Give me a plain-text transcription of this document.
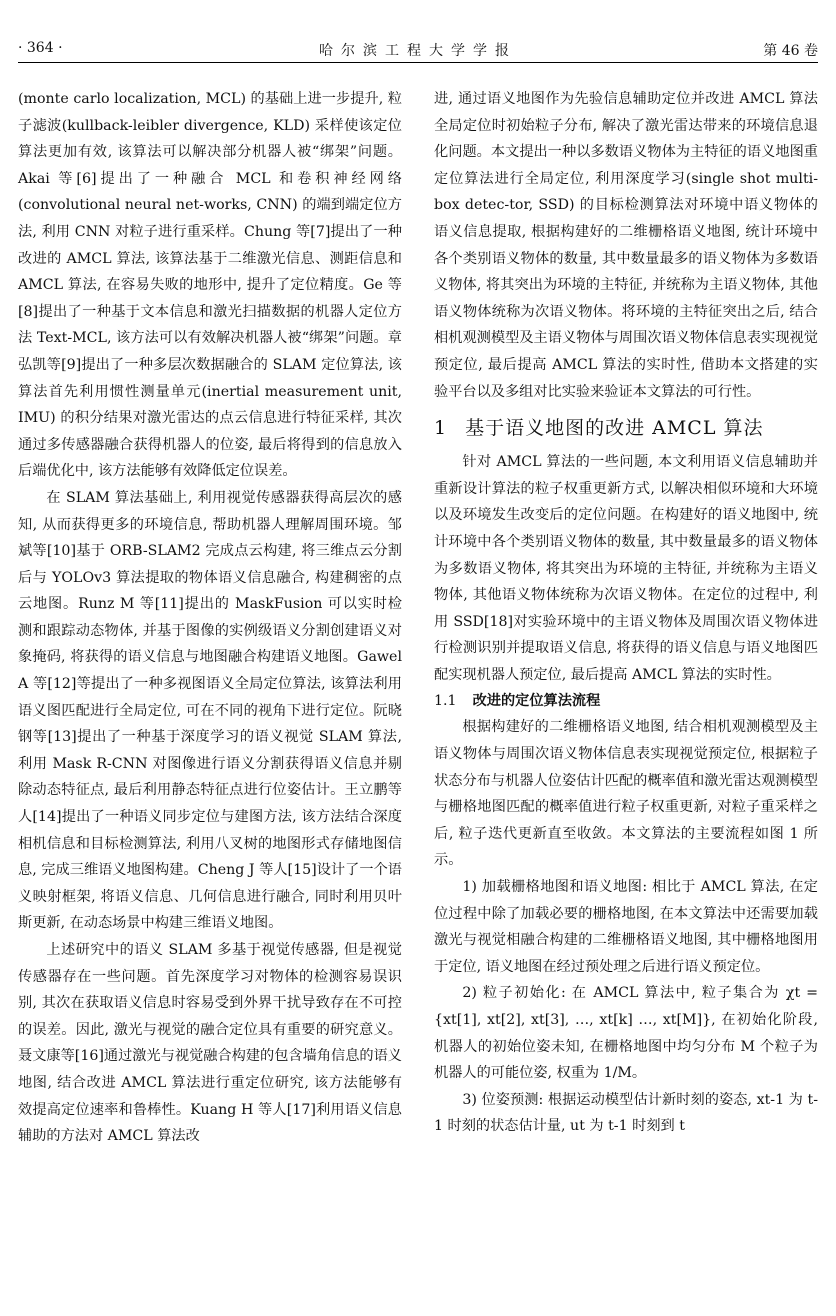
· 364 ·	哈尔滨工程大学学报	第 46 卷

(monte carlo localization, MCL) 的基础上进一步提升, 粒子滤波(kullback-leibler divergence, KLD) 采样使该定位算法更加有效, 该算法可以解决部分机器人被“绑架”问题。Akai 等[6]提出了一种融合 MCL 和卷积神经网络(convolutional neural net-works, CNN) 的端到端定位方法, 利用 CNN 对粒子进行重采样。Chung 等[7]提出了一种改进的 AMCL 算法, 该算法基于二维激光信息、测距信息和 AMCL 算法, 在容易失败的地形中, 提升了定位精度。Ge 等[8]提出了一种基于文本信息和激光扫描数据的机器人定位方法 Text-MCL, 该方法可以有效解决机器人被“绑架”问题。章弘凯等[9]提出了一种多层次数据融合的 SLAM 定位算法, 该算法首先利用惯性测量单元(inertial measurement unit, IMU) 的积分结果对激光雷达的点云信息进行特征采样, 其次通过多传感器融合获得机器人的位姿, 最后将得到的信息放入后端优化中, 该方法能够有效降低定位误差。

在 SLAM 算法基础上, 利用视觉传感器获得高层次的感知, 从而获得更多的环境信息, 帮助机器人理解周围环境。邹斌等[10]基于 ORB-SLAM2 完成点云构建, 将三维点云分割后与 YOLOv3 算法提取的物体语义信息融合, 构建稠密的点云地图。Runz M 等[11]提出的 MaskFusion 可以实时检测和跟踪动态物体, 并基于图像的实例级语义分割创建语义对象掩码, 将获得的语义信息与地图融合构建语义地图。Gawel A 等[12]等提出了一种多视图语义全局定位算法, 该算法利用语义图匹配进行全局定位, 可在不同的视角下进行定位。阮晓钢等[13]提出了一种基于深度学习的语义视觉 SLAM 算法, 利用 Mask R-CNN 对图像进行语义分割获得语义信息并剔除动态特征点, 最后利用静态特征点进行位姿估计。王立鹏等人[14]提出了一种语义同步定位与建图方法, 该方法结合深度相机信息和目标检测算法, 利用八叉树的地图形式存储地图信息, 完成三维语义地图构建。Cheng J 等人[15]设计了一个语义映射框架, 将语义信息、几何信息进行融合, 同时利用贝叶斯更新, 在动态场景中构建三维语义地图。

上述研究中的语义 SLAM 多基于视觉传感器, 但是视觉传感器存在一些问题。首先深度学习对物体的检测容易误识别, 其次在获取语义信息时容易受到外界干扰导致存在不可控的误差。因此, 激光与视觉的融合定位具有重要的研究意义。聂文康等[16]通过激光与视觉融合构建的包含墙角信息的语义地图, 结合改进 AMCL 算法进行重定位研究, 该方法能够有效提高定位速率和鲁棒性。Kuang H 等人[17]利用语义信息辅助的方法对 AMCL 算法改

进, 通过语义地图作为先验信息辅助定位并改进 AMCL 算法全局定位时初始粒子分布, 解决了激光雷达带来的环境信息退化问题。本文提出一种以多数语义物体为主特征的语义地图重定位算法进行全局定位, 利用深度学习(single shot multi-box detec-tor, SSD) 的目标检测算法对环境中语义物体的语义信息提取, 根据构建好的二维栅格语义地图, 统计环境中各个类别语义物体的数量, 其中数量最多的语义物体为多数语义物体, 将其突出为环境的主特征, 并统称为主语义物体, 其他语义物体统称为次语义物体。将环境的主特征突出之后, 结合相机观测模型及主语义物体与周围次语义物体信息表实现视觉预定位, 最后提高 AMCL 算法的实时性, 借助本文搭建的实验平台以及多组对比实验来验证本文算法的可行性。

1 基于语义地图的改进 AMCL 算法

针对 AMCL 算法的一些问题, 本文利用语义信息辅助并重新设计算法的粒子权重更新方式, 以解决相似环境和大环境以及环境发生改变后的定位问题。在构建好的语义地图中, 统计环境中各个类别语义物体的数量, 其中数量最多的语义物体为多数语义物体, 将其突出为环境的主特征, 并统称为主语义物体, 其他语义物体统称为次语义物体。在定位的过程中, 利用 SSD[18]对实验环境中的主语义物体及周围次语义物体进行检测识别并提取语义信息, 将获得的语义信息与语义地图匹配实现机器人预定位, 最后提高 AMCL 算法的实时性。

1.1 改进的定位算法流程

根据构建好的二维栅格语义地图, 结合相机观测模型及主语义物体与周围次语义物体信息表实现视觉预定位, 根据粒子状态分布与机器人位姿估计匹配的概率值和激光雷达观测模型与栅格地图匹配的概率值进行粒子权重更新, 对粒子重采样之后, 粒子迭代更新直至收敛。本文算法的主要流程如图 1 所示。

1) 加载栅格地图和语义地图: 相比于 AMCL 算法, 在定位过程中除了加载必要的栅格地图, 在本文算法中还需要加载激光与视觉相融合构建的二维栅格语义地图, 其中栅格地图用于定位, 语义地图在经过预处理之后进行语义预定位。

2) 粒子初始化: 在 AMCL 算法中, 粒子集合为 χt = {xt[1], xt[2], xt[3], …, xt[k] …, xt[M]}, 在初始化阶段, 机器人的初始位姿未知, 在栅格地图中均匀分布 M 个粒子为机器人的可能位姿, 权重为 1/M。

3) 位姿预测: 根据运动模型估计新时刻的姿态, xt-1 为 t-1 时刻的状态估计量, ut 为 t-1 时刻到 t
